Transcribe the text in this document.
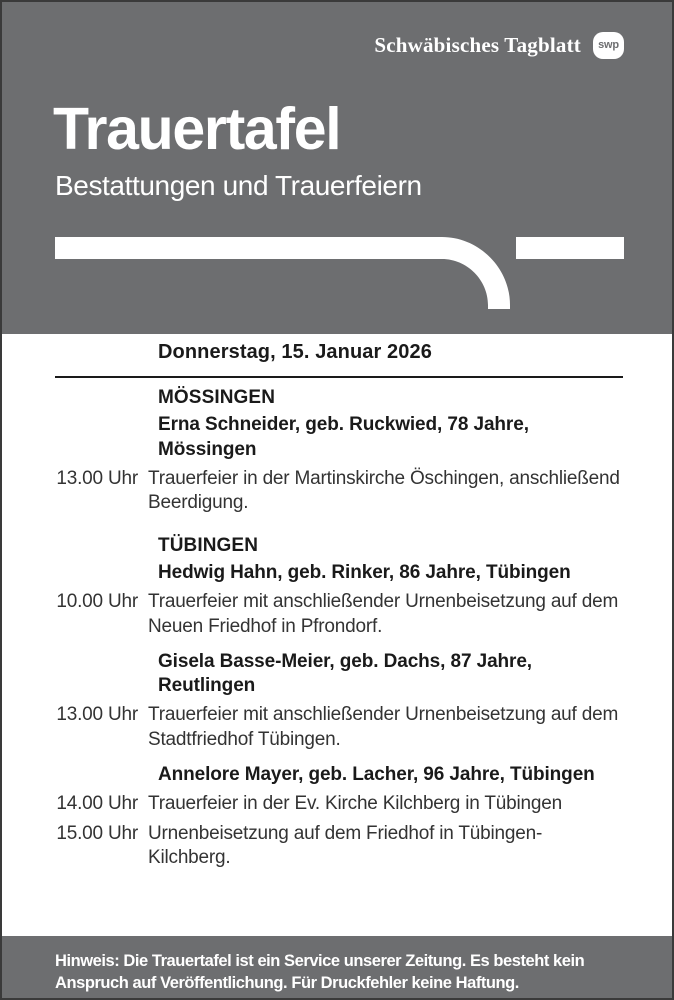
Schwäbisches Tagblatt swp
Trauertafel
Bestattungen und Trauerfeiern
Donnerstag, 15. Januar 2026
MÖSSINGEN
Erna Schneider, geb. Ruckwied, 78 Jahre, Mössingen
13.00 Uhr Trauerfeier in der Martinskirche Öschingen, anschließend Beerdigung.
TÜBINGEN
Hedwig Hahn, geb. Rinker, 86 Jahre, Tübingen
10.00 Uhr Trauerfeier mit anschließender Urnenbeisetzung auf dem Neuen Friedhof in Pfrondorf.
Gisela Basse-Meier, geb. Dachs, 87 Jahre, Reutlingen
13.00 Uhr Trauerfeier mit anschließender Urnenbeisetzung auf dem Stadtfriedhof Tübingen.
Annelore Mayer, geb. Lacher, 96 Jahre, Tübingen
14.00 Uhr Trauerfeier in der Ev. Kirche Kilchberg in Tübingen
15.00 Uhr Urnenbeisetzung auf dem Friedhof in Tübingen-Kilchberg.
Hinweis: Die Trauertafel ist ein Service unserer Zeitung. Es besteht kein Anspruch auf Veröffentlichung. Für Druckfehler keine Haftung.
